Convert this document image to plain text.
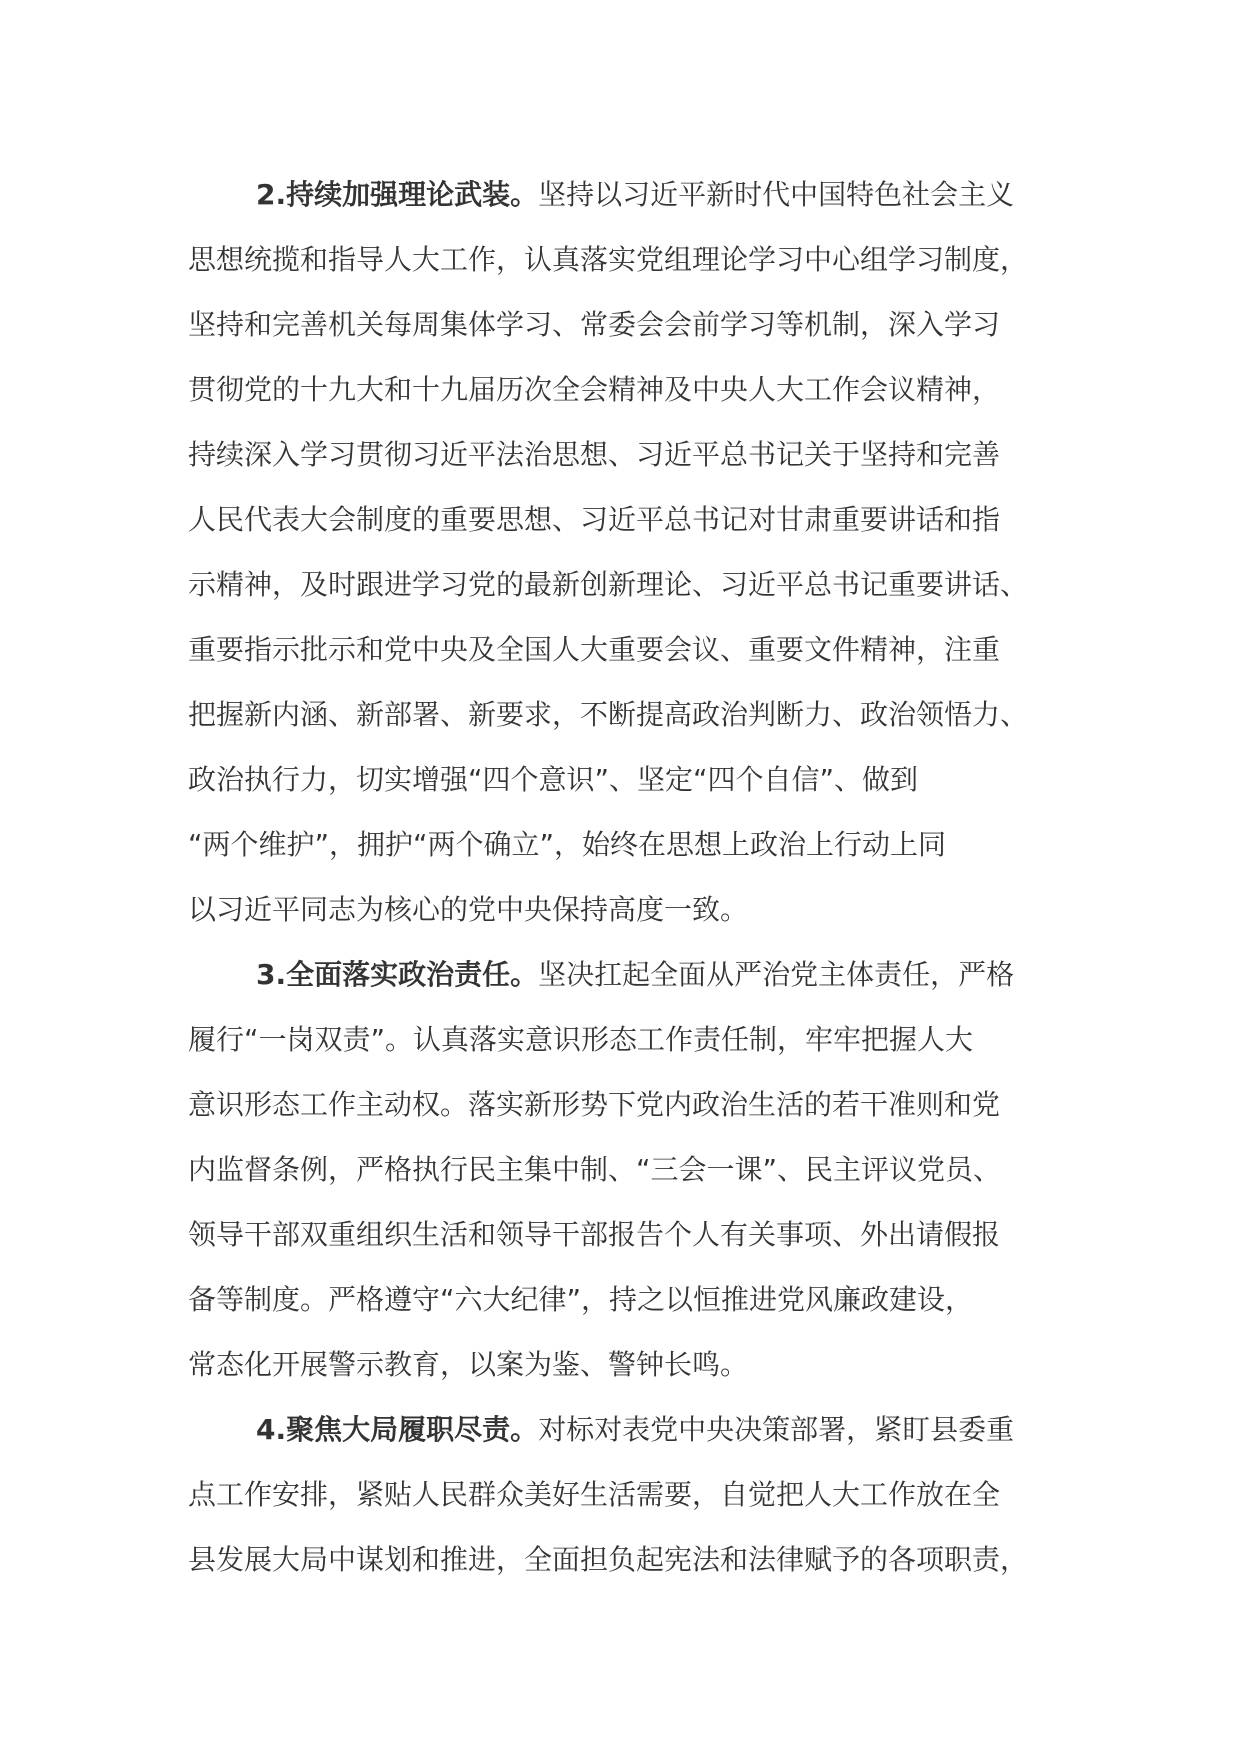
2.持续加强理论武装。坚持以习近平新时代中国特色社会主义
思想统揽和指导人大工作，认真落实党组理论学习中心组学习制度，
坚持和完善机关每周集体学习、常委会会前学习等机制，深入学习
贯彻党的十九大和十九届历次全会精神及中央人大工作会议精神，
持续深入学习贯彻习近平法治思想、习近平总书记关于坚持和完善
人民代表大会制度的重要思想、习近平总书记对甘肃重要讲话和指
示精神，及时跟进学习党的最新创新理论、习近平总书记重要讲话、
重要指示批示和党中央及全国人大重要会议、重要文件精神，注重
把握新内涵、新部署、新要求，不断提高政治判断力、政治领悟力、
政治执行力，切实增强“四个意识”、坚定“四个自信”、做到
“两个维护”，拥护“两个确立”，始终在思想上政治上行动上同
以习近平同志为核心的党中央保持高度一致。
3.全面落实政治责任。坚决扛起全面从严治党主体责任，严格
履行“一岗双责”。认真落实意识形态工作责任制，牢牢把握人大
意识形态工作主动权。落实新形势下党内政治生活的若干准则和党
内监督条例，严格执行民主集中制、“三会一课”、民主评议党员、
领导干部双重组织生活和领导干部报告个人有关事项、外出请假报
备等制度。严格遵守“六大纪律”，持之以恒推进党风廉政建设，
常态化开展警示教育，以案为鉴、警钟长鸣。
4.聚焦大局履职尽责。对标对表党中央决策部署，紧盯县委重
点工作安排，紧贴人民群众美好生活需要，自觉把人大工作放在全
县发展大局中谋划和推进，全面担负起宪法和法律赋予的各项职责，
